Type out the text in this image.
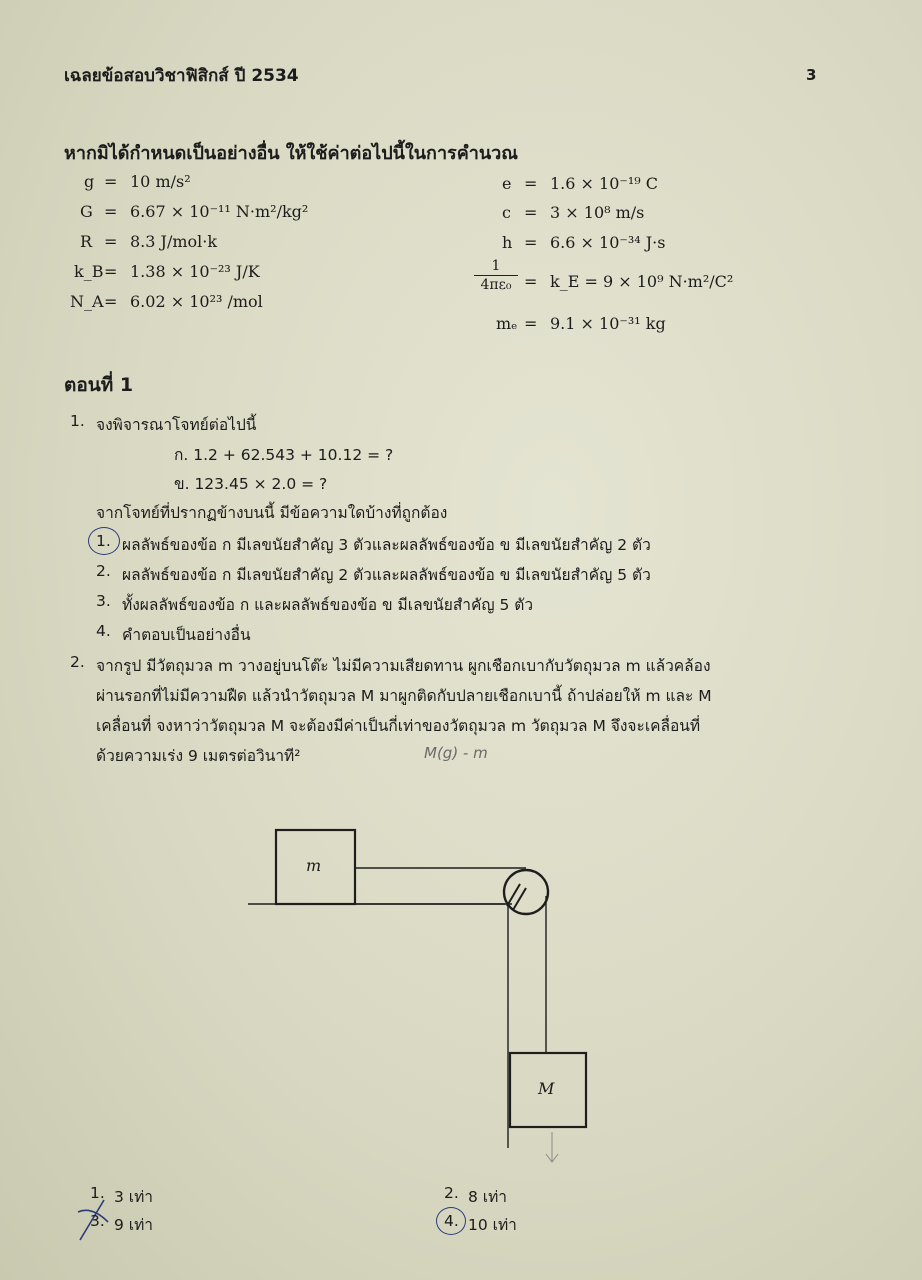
เฉลยข้อสอบวิชาฟิสิกส์ ปี 2534	3
หากมิได้กำหนดเป็นอย่างอื่น ให้ใช้ค่าต่อไปนี้ในการคำนวณ
g = 10 m/s²
G = 6.67 × 10⁻¹¹ N·m²/kg²
R = 8.3 J/mol·k
k_B = 1.38 × 10⁻²³ J/K
N_A = 6.02 × 10²³ /mol
e = 1.6 × 10⁻¹⁹ C
c = 3 × 10⁸ m/s
h = 6.6 × 10⁻³⁴ J·s
1
4πε₀ = k_E = 9 × 10⁹ N·m²/C²
mₑ = 9.1 × 10⁻³¹ kg
ตอนที่ 1
1. จงพิจารณาโจทย์ต่อไปนี้
ก. 1.2 + 62.543 + 10.12 = ?
ข. 123.45 × 2.0 = ?
จากโจทย์ที่ปรากฏข้างบนนี้ มีข้อความใดบ้างที่ถูกต้อง
1. ผลลัพธ์ของข้อ ก มีเลขนัยสำคัญ 3 ตัวและผลลัพธ์ของข้อ ข มีเลขนัยสำคัญ 2 ตัว
2. ผลลัพธ์ของข้อ ก มีเลขนัยสำคัญ 2 ตัวและผลลัพธ์ของข้อ ข มีเลขนัยสำคัญ 5 ตัว
3. ทั้งผลลัพธ์ของข้อ ก และผลลัพธ์ของข้อ ข มีเลขนัยสำคัญ 5 ตัว
4. คำตอบเป็นอย่างอื่น
2. จากรูป มีวัตถุมวล m วางอยู่บนโต๊ะ ไม่มีความเสียดทาน ผูกเชือกเบากับวัตถุมวล m แล้วคล้อง
ผ่านรอกที่ไม่มีความฝืด แล้วนำวัตถุมวล M มาผูกติดกับปลายเชือกเบานี้ ถ้าปล่อยให้ m และ M
เคลื่อนที่ จงหาว่าวัตถุมวล M จะต้องมีค่าเป็นกี่เท่าของวัตถุมวล m วัตถุมวล M จึงจะเคลื่อนที่
ด้วยความเร่ง 9 เมตรต่อวินาที²	M(g) - m
m
M
1. 3 เท่า	2. 8 เท่า
3. 9 เท่า	4. 10 เท่า
